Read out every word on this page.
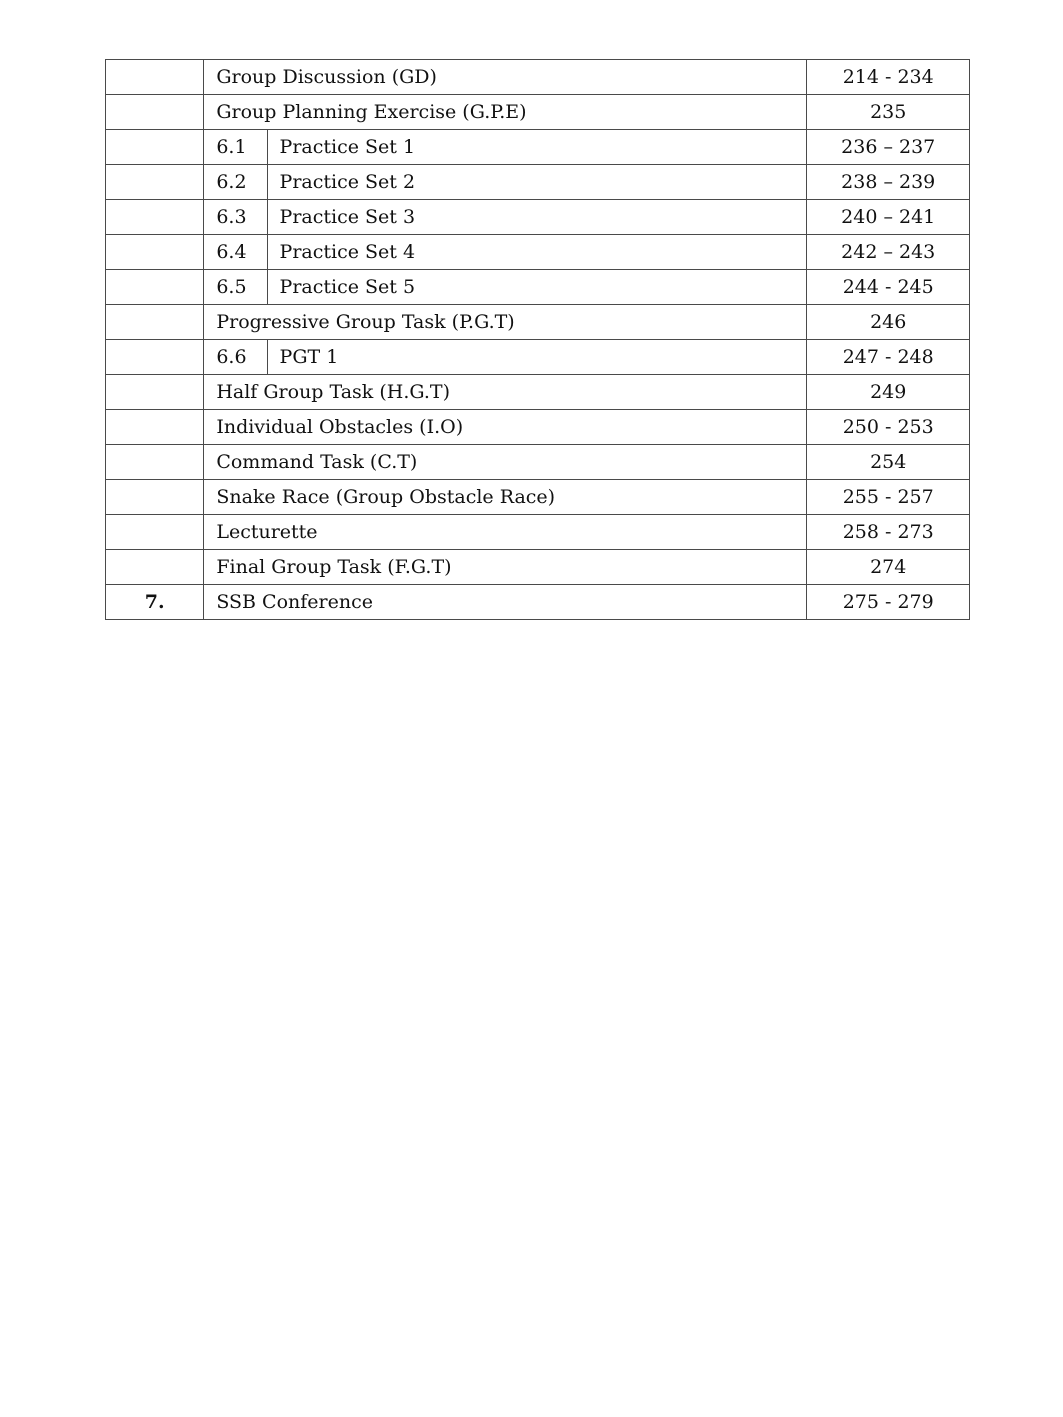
	Group Discussion (GD)		214 - 234
	Group Planning Exercise (G.P.E)		235
	6.1	Practice Set 1	236 – 237
	6.2	Practice Set 2	238 – 239
	6.3	Practice Set 3	240 – 241
	6.4	Practice Set 4	242 – 243
	6.5	Practice Set 5	244 - 245
	Progressive Group Task (P.G.T)		246
	6.6	PGT 1	247 - 248
	Half Group Task (H.G.T)		249
	Individual Obstacles (I.O)		250 - 253
	Command Task (C.T)		254
	Snake Race (Group Obstacle Race)		255 - 257
	Lecturette		258 - 273
	Final Group Task (F.G.T)		274
7.	SSB Conference		275 - 279
